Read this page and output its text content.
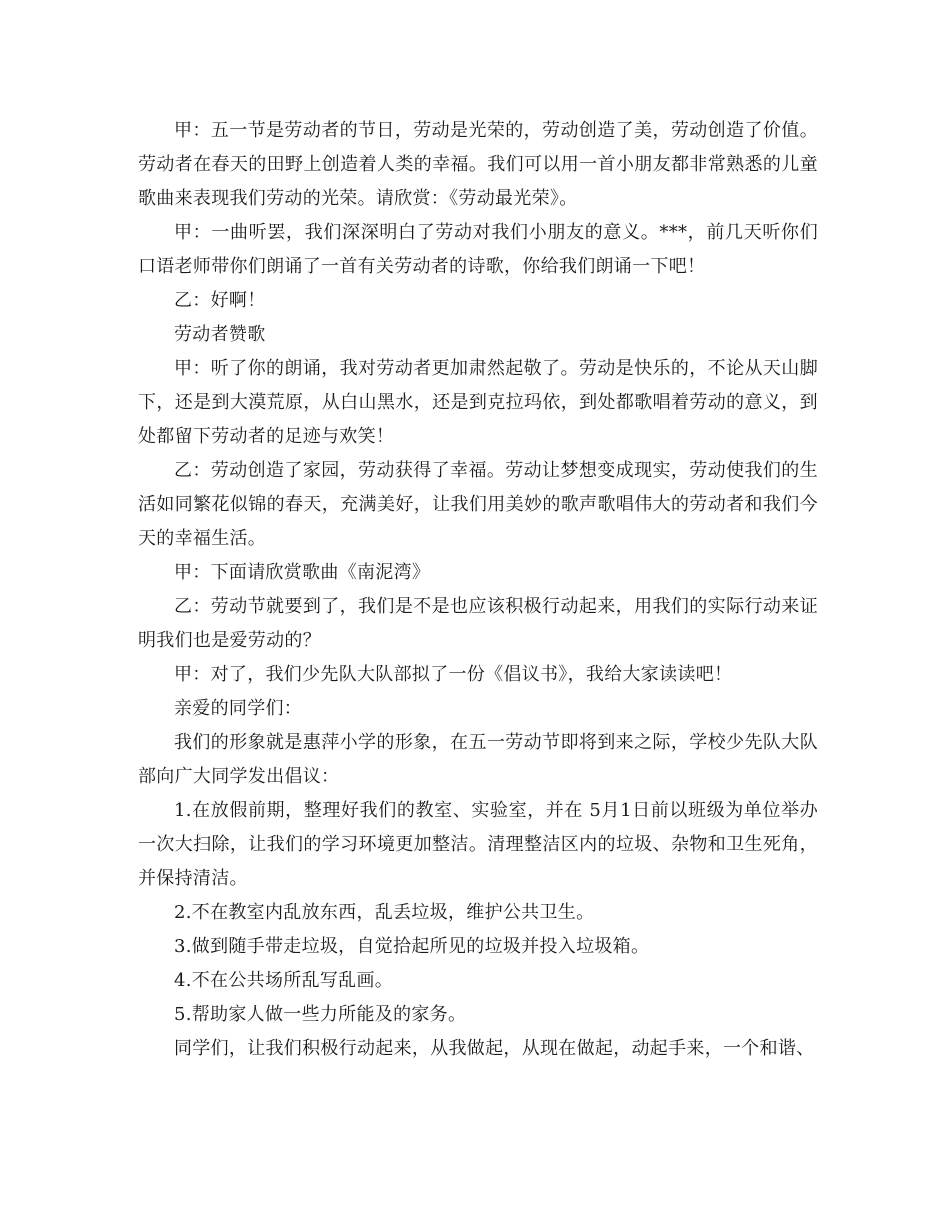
甲：五一节是劳动者的节日，劳动是光荣的，劳动创造了美，劳动创造了价值。劳动者在春天的田野上创造着人类的幸福。我们可以用一首小朋友都非常熟悉的儿童歌曲来表现我们劳动的光荣。请欣赏：《劳动最光荣》。

甲：一曲听罢，我们深深明白了劳动对我们小朋友的意义。***，前几天听你们口语老师带你们朗诵了一首有关劳动者的诗歌，你给我们朗诵一下吧！

乙：好啊！

劳动者赞歌

甲：听了你的朗诵，我对劳动者更加肃然起敬了。劳动是快乐的，不论从天山脚下，还是到大漠荒原，从白山黑水，还是到克拉玛依，到处都歌唱着劳动的意义，到处都留下劳动者的足迹与欢笑！

乙：劳动创造了家园，劳动获得了幸福。劳动让梦想变成现实，劳动使我们的生活如同繁花似锦的春天，充满美好，让我们用美妙的歌声歌唱伟大的劳动者和我们今天的幸福生活。

甲：下面请欣赏歌曲《南泥湾》

乙：劳动节就要到了，我们是不是也应该积极行动起来，用我们的实际行动来证明我们也是爱劳动的？

甲：对了，我们少先队大队部拟了一份《倡议书》，我给大家读读吧！

亲爱的同学们：

我们的形象就是惠萍小学的形象，在五一劳动节即将到来之际，学校少先队大队部向广大同学发出倡议：

1.在放假前期，整理好我们的教室、实验室，并在 5月1日前以班级为单位举办一次大扫除，让我们的学习环境更加整洁。清理整洁区内的垃圾、杂物和卫生死角，并保持清洁。

2.不在教室内乱放东西，乱丢垃圾，维护公共卫生。

3.做到随手带走垃圾，自觉拾起所见的垃圾并投入垃圾箱。

4.不在公共场所乱写乱画。

5.帮助家人做一些力所能及的家务。

同学们，让我们积极行动起来，从我做起，从现在做起，动起手来，一个和谐、
